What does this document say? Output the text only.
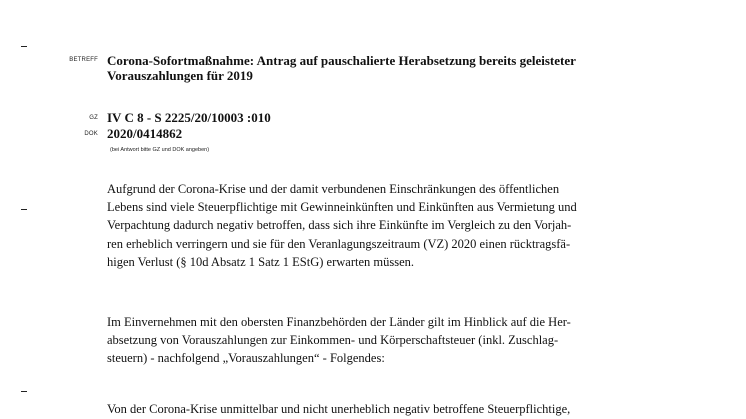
BETREFF Corona-Sofortmaßnahme: Antrag auf pauschalierte Herabsetzung bereits geleisteter
Vorauszahlungen für 2019
GZ IV C 8 - S 2225/20/10003 :010
DOK 2020/0414862
(bei Antwort bitte GZ und DOK angeben)
Aufgrund der Corona-Krise und der damit verbundenen Einschränkungen des öffentlichen
Lebens sind viele Steuerpflichtige mit Gewinneinkünften und Einkünften aus Vermietung und
Verpachtung dadurch negativ betroffen, dass sich ihre Einkünfte im Vergleich zu den Vorjah-
ren erheblich verringern und sie für den Veranlagungszeitraum (VZ) 2020 einen rücktragsfä-
higen Verlust (§ 10d Absatz 1 Satz 1 EStG) erwarten müssen.
Im Einvernehmen mit den obersten Finanzbehörden der Länder gilt im Hinblick auf die Her-
absetzung von Vorauszahlungen zur Einkommen- und Körperschaftsteuer (inkl. Zuschlag-
steuern) - nachfolgend „Vorauszahlungen“ - Folgendes:
Von der Corona-Krise unmittelbar und nicht unerheblich negativ betroffene Steuerpflichtige,
